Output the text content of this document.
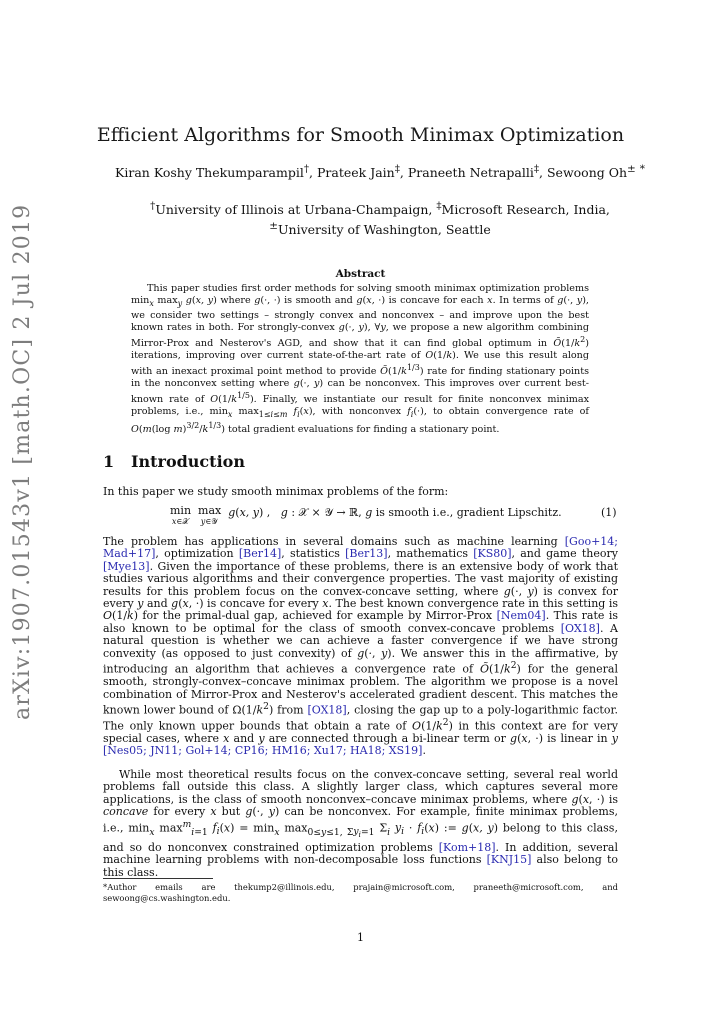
arXiv:1907.01543v1 [math.OC] 2 Jul 2019
Efficient Algorithms for Smooth Minimax Optimization
Kiran Koshy Thekumparampil†, Prateek Jain‡, Praneeth Netrapalli‡, Sewoong Oh± *
†University of Illinois at Urbana-Champaign, ‡Microsoft Research, India,
±University of Washington, Seattle
Abstract
This paper studies first order methods for solving smooth minimax optimization problems $\min_x \max_y g(x$, y) where g(·, ·) is smooth and g(x, ·) is concave for each x. In terms of g(·, y), we consider two settings – strongly convex and nonconvex – and improve upon the best known rates in both. For strongly-convex g(·, y), ∀y, we propose a new algorithm combining Mirror-Prox and Nesterov's AGD, and show that it can find global optimum in $Õ(1/k^2)$ iterations, improving over current state-of-the-art rate of O(1/k). We use this result along with an inexact proximal point method to provide $Õ(1/k^{1/3})$ rate for finding stationary points in the nonconvex setting where g(·, y) can be nonconvex. This improves over current best-known rate of $O(1/k^{1/5})$. Finally, we instantiate our result for finite nonconvex minimax problems, i.e., $\min_x \max_{1\le i\le m} f_i(x)$, with nonconvex $f_i(\cdot)$, to obtain convergence rate of O(m(log $m)^{3/2}/k^{1/3}$) total gradient evaluations for finding a stationary point.
1 Introduction
In this paper we study smooth minimax problems of the form:
min
x∈𝒳  max
y∈𝒴  g(x, y) ,   g : 𝒳 × 𝒴 → ℝ, g is smooth i.e., gradient Lipschitz.	(1)
The problem has applications in several domains such as machine learning [Goo+14; Mad+17], optimization [Ber14], statistics [Ber13], mathematics [KS80], and game theory [Mye13]. Given the importance of these problems, there is an extensive body of work that studies various algorithms and their convergence properties. The vast majority of existing results for this problem focus on the convex-concave setting, where g(·, y) is convex for every y and g(x, ·) is concave for every x. The best known convergence rate in this setting is O(1/k) for the primal-dual gap, achieved for example by Mirror-Prox [Nem04]. This rate is also known to be optimal for the class of smooth convex-concave problems [OX18]. A natural question is whether we can achieve a faster convergence if we have strong convexity (as opposed to just convexity) of g(·, y). We answer this in the affirmative, by introducing an algorithm that achieves a convergence rate of $Õ(1/k^2)$ for the general smooth, strongly-convex–concave minimax problem. The algorithm we propose is a novel combination of Mirror-Prox and Nesterov's accelerated gradient descent. This matches the known lower bound of $\Omega(1/k^2)$ from [OX18], closing the gap up to a poly-logarithmic factor. The only known upper bounds that obtain a rate of $O(1/k^2)$ in this context are for very special cases, where x and y are connected through a bi-linear term or g(x, ·) is linear in y [Nes05; JN11; Gol+14; CP16; HM16; Xu17; HA18; XS19].
While most theoretical results focus on the convex-concave setting, several real world problems fall outside this class. A slightly larger class, which captures several more applications, is the class of smooth nonconvex–concave minimax problems, where g(x, ·) is concave for every x but g(·, y) can be nonconvex. For example, finite minimax problems, i.e., $\min_x \max^m_{i=1} f_i(x) = \min_x \max_{0\le y\le 1, \Sigma y_i=1} \Sigma_i$ $y_i \cdot f_i(x)$ := g(x, y) belong to this class, and so do nonconvex constrained optimization problems [Kom+18]. In addition, several machine learning problems with non-decomposable loss functions [KNJ15] also belong to this class.
*Author emails are thekump2@illinois.edu, prajain@microsoft.com, praneeth@microsoft.com, and sewoong@cs.washington.edu.
1
